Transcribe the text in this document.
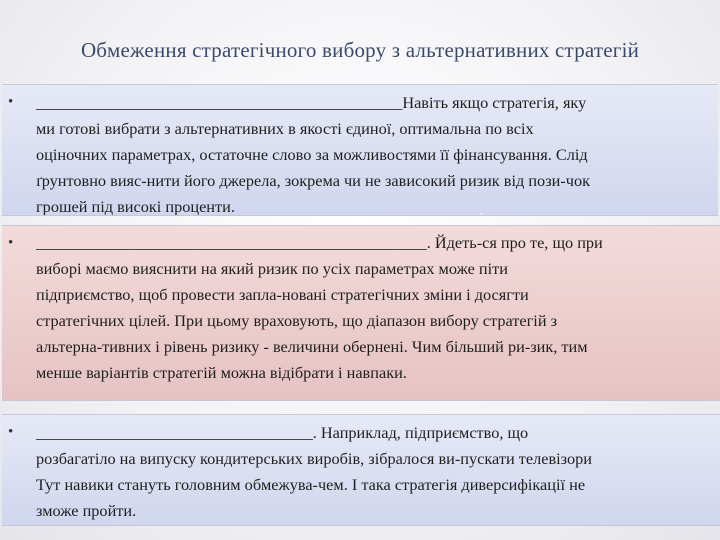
Обмеження стратегічного вибору з альтернативних стратегій
• _____________________________________________Навіть якщо стратегія, яку
ми готові вибрати з альтернативних в якості єдиної, оптимальна по всіх
оціночних параметрах, остаточне слово за можливостями її фінансування. Слід
ґрунтовно вияс-нити його джерела, зокрема чи не зависокий ризик від пози-чок
грошей під високі проценти.

• ________________________________________________. Йдеть-ся про те, що при
виборі маємо вияснити на який ризик по усіх параметрах може піти
підприємство, щоб провести запла-новані стратегічних зміни і досягти
стратегічних цілей. При цьому враховують, що діапазон вибору стратегій з
альтерна-тивних і рівень ризику - величини обернені. Чим більший ри-зик, тим
менше варіантів стратегій можна відібрати і навпаки.

• __________________________________. Наприклад, підприємство, що
розбагатіло на випуску кондитерських виробів, зібралося ви-пускати телевізори
Тут навики стануть головним обмежува-чем. І така стратегія диверсифікації не
зможе пройти.
